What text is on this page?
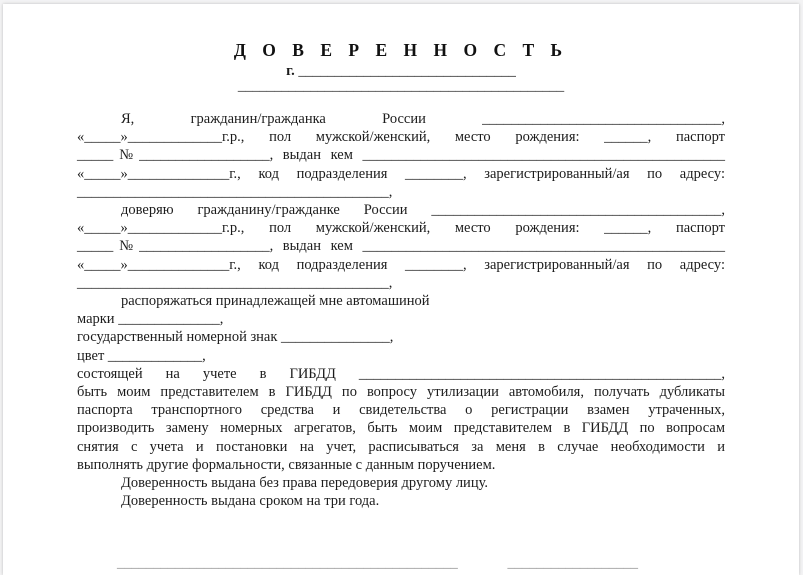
Д О В Е Р Е Н Н О С Т Ь
г. ______________________________
_____________________________________________
Я, гражданин/гражданка России _________________________________,
«_____»_____________г.р., пол мужской/женский, место рождения: ______, паспорт
_____№__________________, выдан кем __________________________________________________
«_____»______________г., код подразделения ________, зарегистрированный/ая по адресу:
___________________________________________,
доверяю гражданину/гражданке России ________________________________________,
«_____»_____________г.р., пол мужской/женский, место рождения: ______, паспорт
_____№__________________, выдан кем __________________________________________________
«_____»______________г., код подразделения ________, зарегистрированный/ая по адресу:
___________________________________________,
распоряжаться принадлежащей мне автомашиной
марки ______________,
государственный номерной знак _______________,
цвет _____________,
состоящей на учете в ГИБДД __________________________________________________,
быть моим представителем в ГИБДД по вопросу утилизации автомобиля, получать дубликаты
паспорта транспортного средства и свидетельства о регистрации взамен утраченных,
производить замену номерных агрегатов, быть моим представителем в ГИБДД по вопросам
снятия с учета и постановки на учет, расписываться за меня в случае необходимости и
выполнять другие формальности, связанные с данным поручением.
Доверенность выдана без права передоверия другому лицу.
Доверенность выдана сроком на три года.
_______________________________________________	__________________
